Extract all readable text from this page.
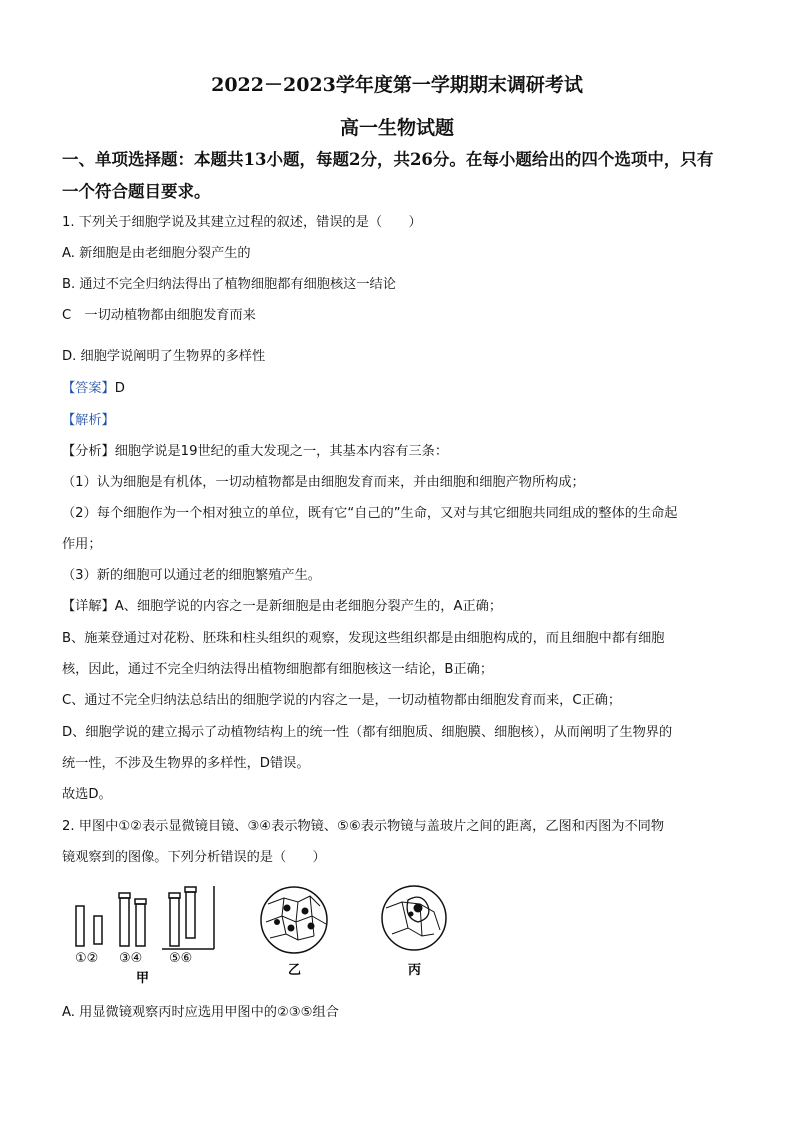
2022－2023学年度第一学期期末调研考试
高一生物试题
一、单项选择题：本题共13小题，每题2分，共26分。在每小题给出的四个选项中，只有
一个符合题目要求。
1. 下列关于细胞学说及其建立过程的叙述，错误的是（　　）
A. 新细胞是由老细胞分裂产生的
B. 通过不完全归纳法得出了植物细胞都有细胞核这一结论
C　一切动植物都由细胞发育而来
D. 细胞学说阐明了生物界的多样性
【答案】D
【解析】
【分析】细胞学说是19世纪的重大发现之一，其基本内容有三条：
（1）认为细胞是有机体，一切动植物都是由细胞发育而来，并由细胞和细胞产物所构成；
（2）每个细胞作为一个相对独立的单位，既有它“自己的”生命，又对与其它细胞共同组成的整体的生命起
作用；
（3）新的细胞可以通过老的细胞繁殖产生。
【详解】A、细胞学说的内容之一是新细胞是由老细胞分裂产生的，A正确；
B、施莱登通过对花粉、胚珠和柱头组织的观察，发现这些组织都是由细胞构成的，而且细胞中都有细胞
核，因此，通过不完全归纳法得出植物细胞都有细胞核这一结论，B正确；
C、通过不完全归纳法总结出的细胞学说的内容之一是，一切动植物都由细胞发育而来，C正确；
D、细胞学说的建立揭示了动植物结构上的统一性（都有细胞质、细胞膜、细胞核），从而阐明了生物界的
统一性，不涉及生物界的多样性，D错误。
故选D。
2. 甲图中①②表示显微镜目镜、③④表示物镜、⑤⑥表示物镜与盖玻片之间的距离，乙图和丙图为不同物
镜观察到的图像。下列分析错误的是（　　）
①② ③④ ⑤⑥
甲
乙	丙
A. 用显微镜观察丙时应选用甲图中的②③⑤组合
